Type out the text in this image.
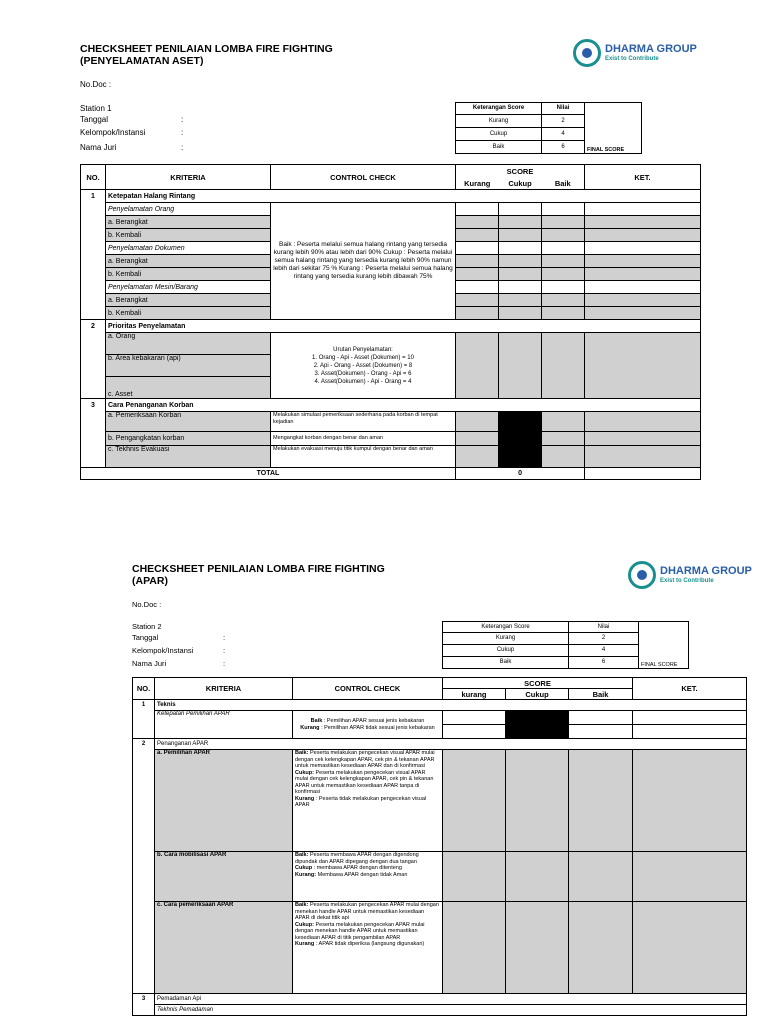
CHECKSHEET PENILAIAN LOMBA FIRE FIGHTING
(PENYELAMATAN ASET)
DHARMA GROUP
Exist to Contribute
No.Doc :
Station 1
Tanggal	:
Kelompok/Instansi	:
Nama Juri	:
Keterangan Score	Nilai	FINAL SCORE
Kurang	2	
Cukup	4	
Baik	6	
NO.	KRITERIA	CONTROL CHECK	SCORE			KET.
			Kurang	Cukup	Baik	
1	Ketepatan Halang Rintang					
	Penyelamatan Orang	Baik : Peserta melalui semua halang rintang yang tersedia kurang lebih 90% atau lebih dari 90% Cukup : Peserta melalui semua halang rintang yang tersedia kurang lebih 90% namun lebih dari sekitar 75 % Kurang : Peserta melalui semua halang rintang yang tersedia kurang lebih dibawah 75%				
	a. Berangkat					
	b. Kembali					
	Penyelamatan Dokumen					
	a. Berangkat					
	b. Kembali					
	Penyelamatan Mesin/Barang					
	a. Berangkat					
	b. Kembali					
2	Prioritas Penyelamatan					
	a. Orang	Urutan Penyelamatan:
1. Orang - Api - Asset (Dokumen) = 10
2. Api - Orang - Asset (Dokumen) = 8
3. Asset(Dokumen) - Orang - Api = 6
4. Asset(Dokumen) - Api - Orang = 4				

	b. Area kebakaran (api)					
	c. Asset					
3	Cara Penanganan Korban					
	a. Pemeriksaan Korban	Melakukan simulasi pemeriksaan sederhana pada korban di tempat kejadian				
	b. Pengangkatan korban	Mengangkat korban dengan benar dan aman				
	c. Tekhnis Evakuasi	Melakukan evakuasi menuju titik kumpul dengan benar dan aman				
TOTAL			0			
CHECKSHEET PENILAIAN LOMBA FIRE FIGHTING
(APAR)
DHARMA GROUP
Exist to Contribute
No.Doc :
Station 2
Tanggal	:
Kelompok/Instansi	:
Nama Juri	:
Keterangan Score	Nilai	FINAL SCORE
Kurang	2	
Cukup	4	
Baik	6	
NO.	KRITERIA	CONTROL CHECK	SCORE			KET.
			kurang	Cukup	Baik	
1	Teknis					
	Ketepatan Pemilihan APAR	Baik : Pemilihan APAR sesuai jenis kebakaran
Kurang : Pemilihan APAR tidak sesuai jenis kebakaran				

2	Penanganan APAR					
	a. Pemilihan APAR	Baik: Peserta melakukan pengecekan visual APAR mulai dengan cek kelengkapan APAR, cek pin & tekanan APAR untuk memastikan kesediaan APAR dan di konfirmasi
Cukup: Peserta melakukan pengecekan visual APAR mulai dengan cek kelengkapan APAR, cek pin & tekanan APAR untuk memastikan kesediaan APAR tanpa di konfirmasi
Kurang : Peserta tidak melakukan pengecekan visual APAR				
	b. Cara mobilisasi APAR	Baik: Peserta membawa APAR dengan digendong dipundak dan APAR dipegang dengan dua tangan
Cukup : membawa APAR dengan ditenteng
Kurang: Membawa APAR dengan tidak Aman				
	c. Cara pemeriksaan APAR	Baik: Peserta melakukan pengecekan APAR mulai dengan menekan handle APAR untuk memastikan kesediaan APAR di dekat titik api
Cukup: Peserta melakukan pengecekan APAR mulai dengan menekan handle APAR untuk memastikan kesediaan APAR di titik pengambilan APAR
Kurang : APAR tidak diperiksa (langsung digunakan)				
3	Pemadaman Api					
	Tekhnis Pemadaman					
